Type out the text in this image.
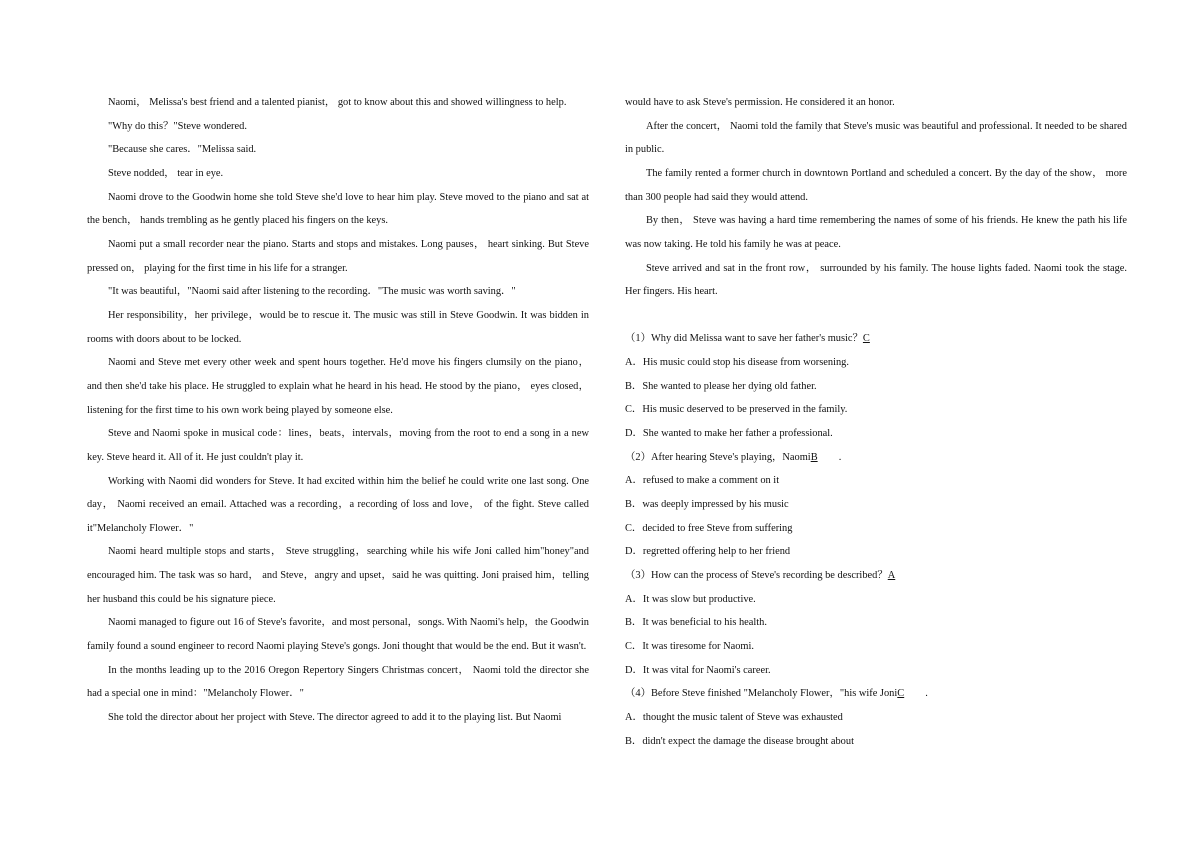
Naomi， Melissa's best friend and a talented pianist， got to know about this and showed willingness to help.

"Why do this？"Steve wondered.

"Because she cares．"Melissa said.

Steve nodded， tear in eye.

Naomi drove to the Goodwin home she told Steve she'd love to hear him play. Steve moved to the piano and sat at the bench， hands trembling as he gently placed his fingers on the keys.

Naomi put a small recorder near the piano. Starts and stops and mistakes. Long pauses， heart sinking. But Steve pressed on， playing for the first time in his life for a stranger.

"It was beautiful，"Naomi said after listening to the recording．"The music was worth saving．"

Her responsibility，her privilege，would be to rescue it. The music was still in Steve Goodwin. It was bidden in rooms with doors about to be locked.

Naomi and Steve met every other week and spent hours together. He'd move his fingers clumsily on the piano， and then she'd take his place. He struggled to explain what he heard in his head. He stood by the piano， eyes closed， listening for the first time to his own work being played by someone else.

Steve and Naomi spoke in musical code：lines，beats，intervals，moving from the root to end a song in a new key. Steve heard it. All of it. He just couldn't play it.

Working with Naomi did wonders for Steve. It had excited within him the belief he could write one last song. One day， Naomi received an email. Attached was a recording，a recording of loss and love， of the fight. Steve called it"Melancholy Flower．"

Naomi heard multiple stops and starts， Steve struggling，searching while his wife Joni called him"honey"and encouraged him. The task was so hard， and Steve，angry and upset，said he was quitting. Joni praised him，telling her husband this could be his signature piece.

Naomi managed to figure out 16 of Steve's favorite，and most personal，songs. With Naomi's help，the Goodwin family found a sound engineer to record Naomi playing Steve's gongs. Joni thought that would be the end. But it wasn't.

In the months leading up to the 2016 Oregon Repertory Singers Christmas concert， Naomi told the director she had a special one in mind："Melancholy Flower．"

She told the director about her project with Steve. The director agreed to add it to the playing list. But Naomi

would have to ask Steve's permission. He considered it an honor.

After the concert， Naomi told the family that Steve's music was beautiful and professional. It needed to be shared in public.

The family rented a former church in downtown Portland and scheduled a concert. By the day of the show， more than 300 people had said they would attend.

By then， Steve was having a hard time remembering the names of some of his friends. He knew the path his life was now taking. He told his family he was at peace.

Steve arrived and sat in the front row， surrounded by his family. The house lights faded. Naomi took the stage. Her fingers. His heart.

（1）Why did Melissa want to save her father's music？C

A．His music could stop his disease from worsening.

B．She wanted to please her dying old father.

C．His music deserved to be preserved in the family.

D．She wanted to make her father a professional.

（2）After hearing Steve's playing，NaomiB .

A．refused to make a comment on it

B．was deeply impressed by his music

C．decided to free Steve from suffering

D．regretted offering help to her friend

（3）How can the process of Steve's recording be described？A

A．It was slow but productive.

B．It was beneficial to his health.

C．It was tiresome for Naomi.

D．It was vital for Naomi's career.

（4）Before Steve finished "Melancholy Flower，"his wife JoniC .

A．thought the music talent of Steve was exhausted

B．didn't expect the damage the disease brought about
